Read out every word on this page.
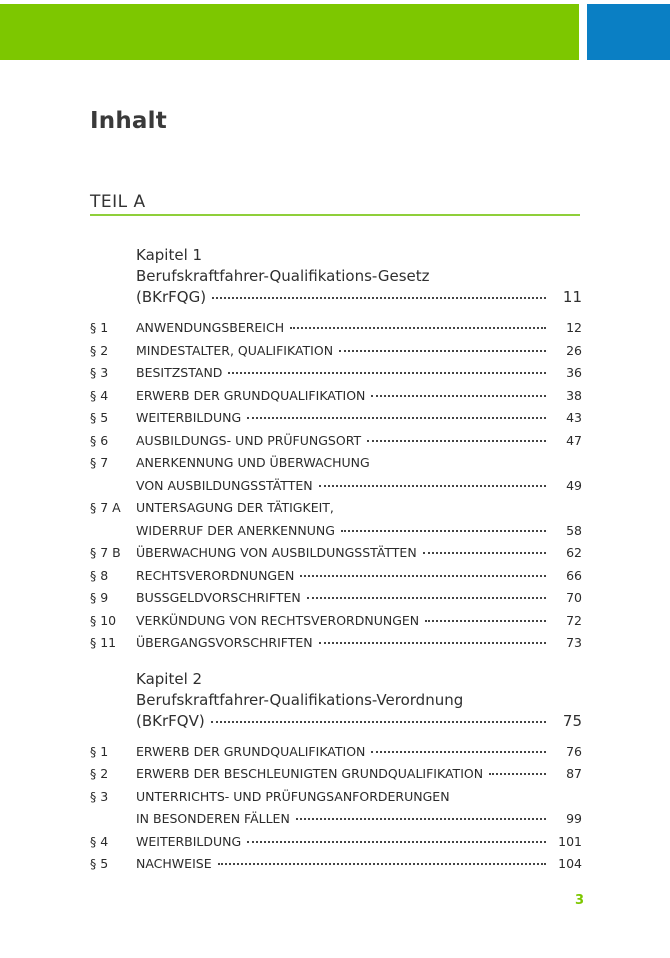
Inhalt
TEIL A
Kapitel 1
Berufskraftfahrer-Qualifikations-Gesetz
(BKrFQG)	11
§ 1	ANWENDUNGSBEREICH	12
§ 2	MINDESTALTER, QUALIFIKATION	26
§ 3	BESITZSTAND	36
§ 4	ERWERB DER GRUNDQUALIFIKATION	38
§ 5	WEITERBILDUNG	43
§ 6	AUSBILDUNGS- UND PRÜFUNGSORT	47
§ 7	ANERKENNUNG UND ÜBERWACHUNG
VON AUSBILDUNGSSTÄTTEN	49
§ 7 A	UNTERSAGUNG DER TÄTIGKEIT,
WIDERRUF DER ANERKENNUNG	58
§ 7 B	ÜBERWACHUNG VON AUSBILDUNGSSTÄTTEN	62
§ 8	RECHTSVERORDNUNGEN	66
§ 9	BUSSGELDVORSCHRIFTEN	70
§ 10	VERKÜNDUNG VON RECHTSVERORDNUNGEN	72
§ 11	ÜBERGANGSVORSCHRIFTEN	73
Kapitel 2
Berufskraftfahrer-Qualifikations-Verordnung
(BKrFQV)	75
§ 1	ERWERB DER GRUNDQUALIFIKATION	76
§ 2	ERWERB DER BESCHLEUNIGTEN GRUNDQUALIFIKATION	87
§ 3	UNTERRICHTS- UND PRÜFUNGSANFORDERUNGEN
IN BESONDEREN FÄLLEN	99
§ 4	WEITERBILDUNG	101
§ 5	NACHWEISE	104
3
